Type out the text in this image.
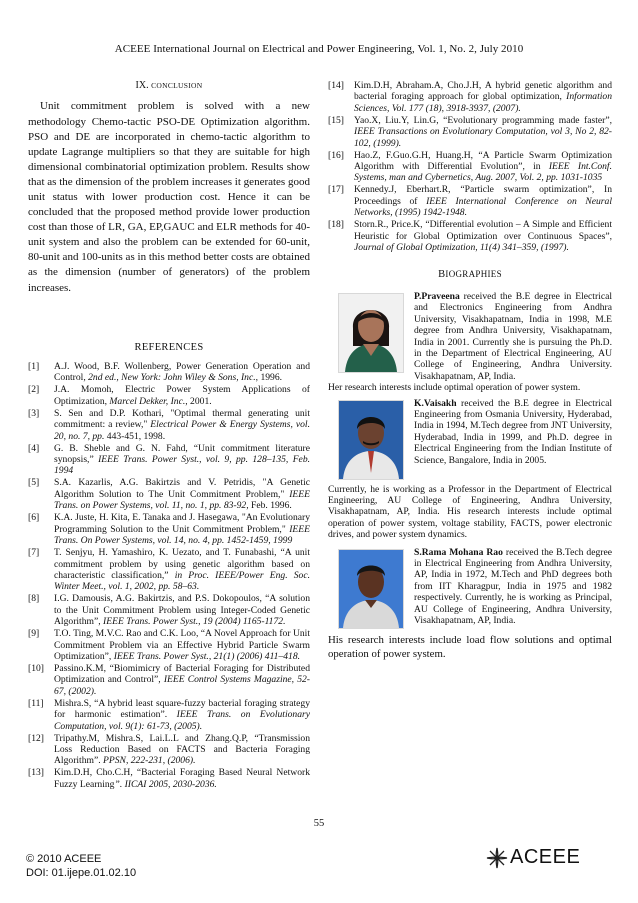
ACEEE International Journal on Electrical and Power Engineering, Vol. 1, No. 2, July 2010
IX. CONCLUSION

Unit commitment problem is solved with a new methodology Chemo-tactic PSO-DE Optimization algorithm. PSO and DE are incorporated in chemo-tactic algorithm to update Lagrange multipliers so that they are suitable for high dimensional combinatorial optimization problem. Results show that as the dimension of the problem increases it generates good unit status with lower production cost. Hence it can be concluded that the proposed method provide lower production cost than those of LR, GA, EP,GAUC and ELR methods for 40-unit system and also the problem can be extended for 60-unit, 80-unit and 100-units as in this method better costs are obtained as the dimension (number of generators) of the problem increases.

REFERENCES
[1] A.J. Wood, B.F. Wollenberg, Power Generation Operation and Control, 2nd ed., New York: John Wiley & Sons, Inc., 1996.
[2] J.A. Momoh, Electric Power System Applications of Optimization, Marcel Dekker, Inc., 2001.
[3] S. Sen and D.P. Kothari, "Optimal thermal generating unit commitment: a review," Electrical Power & Energy Systems, vol. 20, no. 7, pp. 443-451, 1998.
[4] G. B. Sheble and G. N. Fahd, “Unit commitment literature synopsis,” IEEE Trans. Power Syst., vol. 9, pp. 128–135, Feb. 1994
[5] S.A. Kazarlis, A.G. Bakirtzis and V. Petridis, "A Genetic Algorithm Solution to The Unit Commitment Problem," IEEE Trans. on Power Systems, vol. 11, no. 1, pp. 83-92, Feb. 1996.
[6] K.A. Juste, H. Kita, E. Tanaka and J. Hasegawa, "An Evolutionary Programming Solution to the Unit Commitment Problem," IEEE Trans. On Power Systems, vol. 14, no. 4, pp. 1452-1459, 1999
[7] T. Senjyu, H. Yamashiro, K. Uezato, and T. Funabashi, “A unit commitment problem by using genetic algorithm based on characteristic classification,” in Proc. IEEE/Power Eng. Soc. Winter Meet., vol. 1, 2002, pp. 58–63.
[8] I.G. Damousis, A.G. Bakirtzis, and P.S. Dokopoulos, “A solution to the Unit Commitment Problem using Integer-Coded Genetic Algorithm”, IEEE Trans. Power Syst., 19 (2004) 1165-1172.
[9] T.O. Ting, M.V.C. Rao and C.K. Loo, “A Novel Approach for Unit Commitment Problem via an Effective Hybrid Particle Swarm Optimization”, IEEE Trans. Power Syst., 21(1) (2006) 411–418.
[10] Passino.K.M, “Biomimicry of Bacterial Foraging for Distributed Optimization and Control”, IEEE Control Systems Magazine, 52-67, (2002).
[11] Mishra.S, “A hybrid least square-fuzzy bacterial foraging strategy for harmonic estimation”. IEEE Trans. on Evolutionary Computation, vol. 9(1): 61-73, (2005).
[12] Tripathy.M, Mishra.S, Lai.L.L and Zhang.Q.P, “Transmission Loss Reduction Based on FACTS and Bacteria Foraging Algorithm”. PPSN, 222-231, (2006).
[13] Kim.D.H, Cho.C.H, “Bacterial Foraging Based Neural Network Fuzzy Learning”. IICAI 2005, 2030-2036.
[14] Kim.D.H, Abraham.A, Cho.J.H, A hybrid genetic algorithm and bacterial foraging approach for global optimization, Information Sciences, Vol. 177 (18), 3918-3937, (2007).
[15] Yao.X, Liu.Y, Lin.G, “Evolutionary programming made faster”, IEEE Transactions on Evolutionary Computation, vol 3, No 2, 82-102, (1999).
[16] Hao.Z, F.Guo.G.H, Huang.H, “A Particle Swarm Optimization Algorithm with Differential Evolution”, in IEEE Int.Conf. Systems, man and Cybernetics, Aug. 2007, Vol. 2, pp. 1031-1035
[17] Kennedy.J, Eberhart.R, “Particle swarm optimization”, In Proceedings of IEEE International Conference on Neural Networks, (1995) 1942-1948.
[18] Storn.R., Price.K, “Differential evolution – A Simple and Efficient Heuristic for Global Optimization over Continuous Spaces”, Journal of Global Optimization, 11(4) 341–359, (1997).
BIOGRAPHIES
P.Praveena received the B.E degree in Electrical and Electronics Engineering from Andhra University, Visakhapatnam, India in 1998, M.E degree from Andhra University, Visakhapatnam, India in 2001. Currently she is pursuing the Ph.D. in the Department of Electrical Engineering, AU College of Engineering, Andhra University. Visakhapatnam, AP, India.
Her research interests include optimal operation of power system.
K.Vaisakh received the B.E degree in Electrical Engineering from Osmania University, Hyderabad, India in 1994, M.Tech degree from JNT University, Hyderabad, India in 1999, and Ph.D. degree in Electrical Engineering from the Indian Institute of Science, Bangalore, India in 2005.
Currently, he is working as a Professor in the Department of Electrical Engineering, AU College of Engineering, Andhra University, Visakhapatnam, AP, India. His research interests include optimal operation of power system, voltage stability, FACTS, power electronic drives, and power system dynamics.
S.Rama Mohana Rao received the B.Tech degree in Electrical Engineering from Andhra University, AP, India in 1972, M.Tech and PhD degrees both from IIT Kharagpur, India in 1975 and 1982 respectively. Currently, he is working as Principal, AU College of Engineering, Andhra University, Visakhapatnam, AP, India.
His research interests include load flow solutions and optimal operation of power system.
55
© 2010 ACEEE
DOI: 01.ijepe.01.02.10
ACEEE
